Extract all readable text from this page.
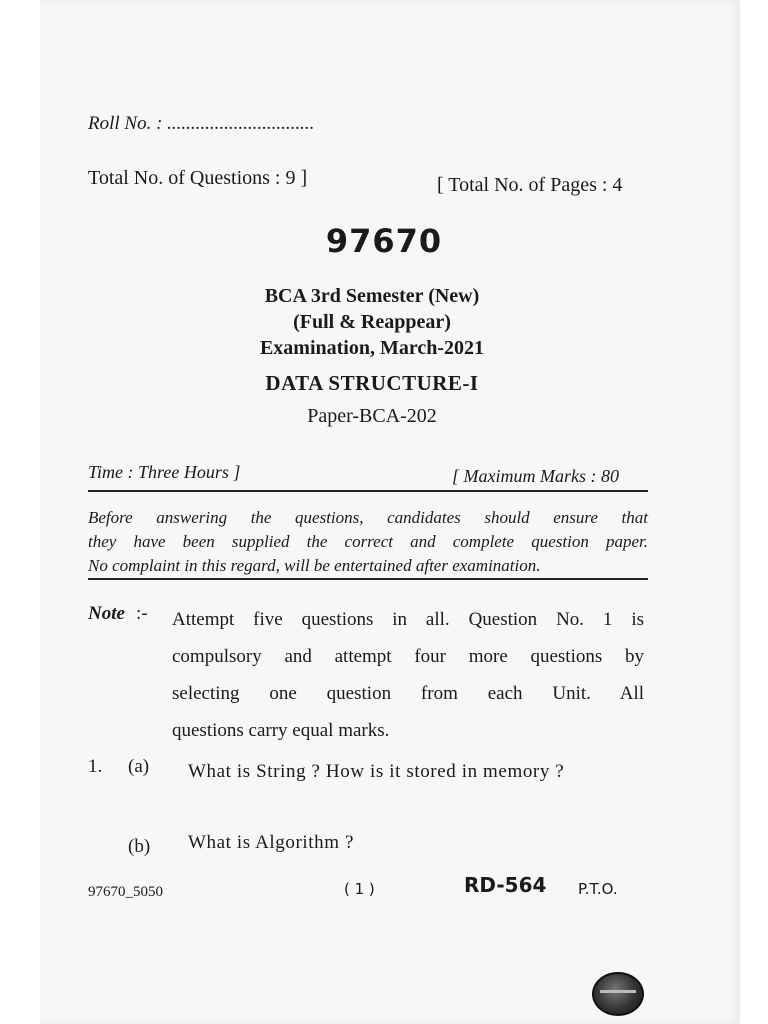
Roll No. : ...............................
Total No. of Questions : 9 ]	[ Total No. of Pages : 4
97670
BCA 3rd Semester (New)
(Full & Reappear)
Examination, March-2021
DATA STRUCTURE-I
Paper-BCA-202
Time : Three Hours ]	[ Maximum Marks : 80
Before answering the questions, candidates should ensure that
they have been supplied the correct and complete question paper.
No complaint in this regard, will be entertained after examination.
Note :- Attempt five questions in all. Question No. 1 is
compulsory and attempt four more questions by
selecting one question from each Unit. All
questions carry equal marks.
1. (a) What is String ? How is it stored in memory ?
(b) What is Algorithm ?
97670_5050	( 1 )	RD-564 P.T.O.
